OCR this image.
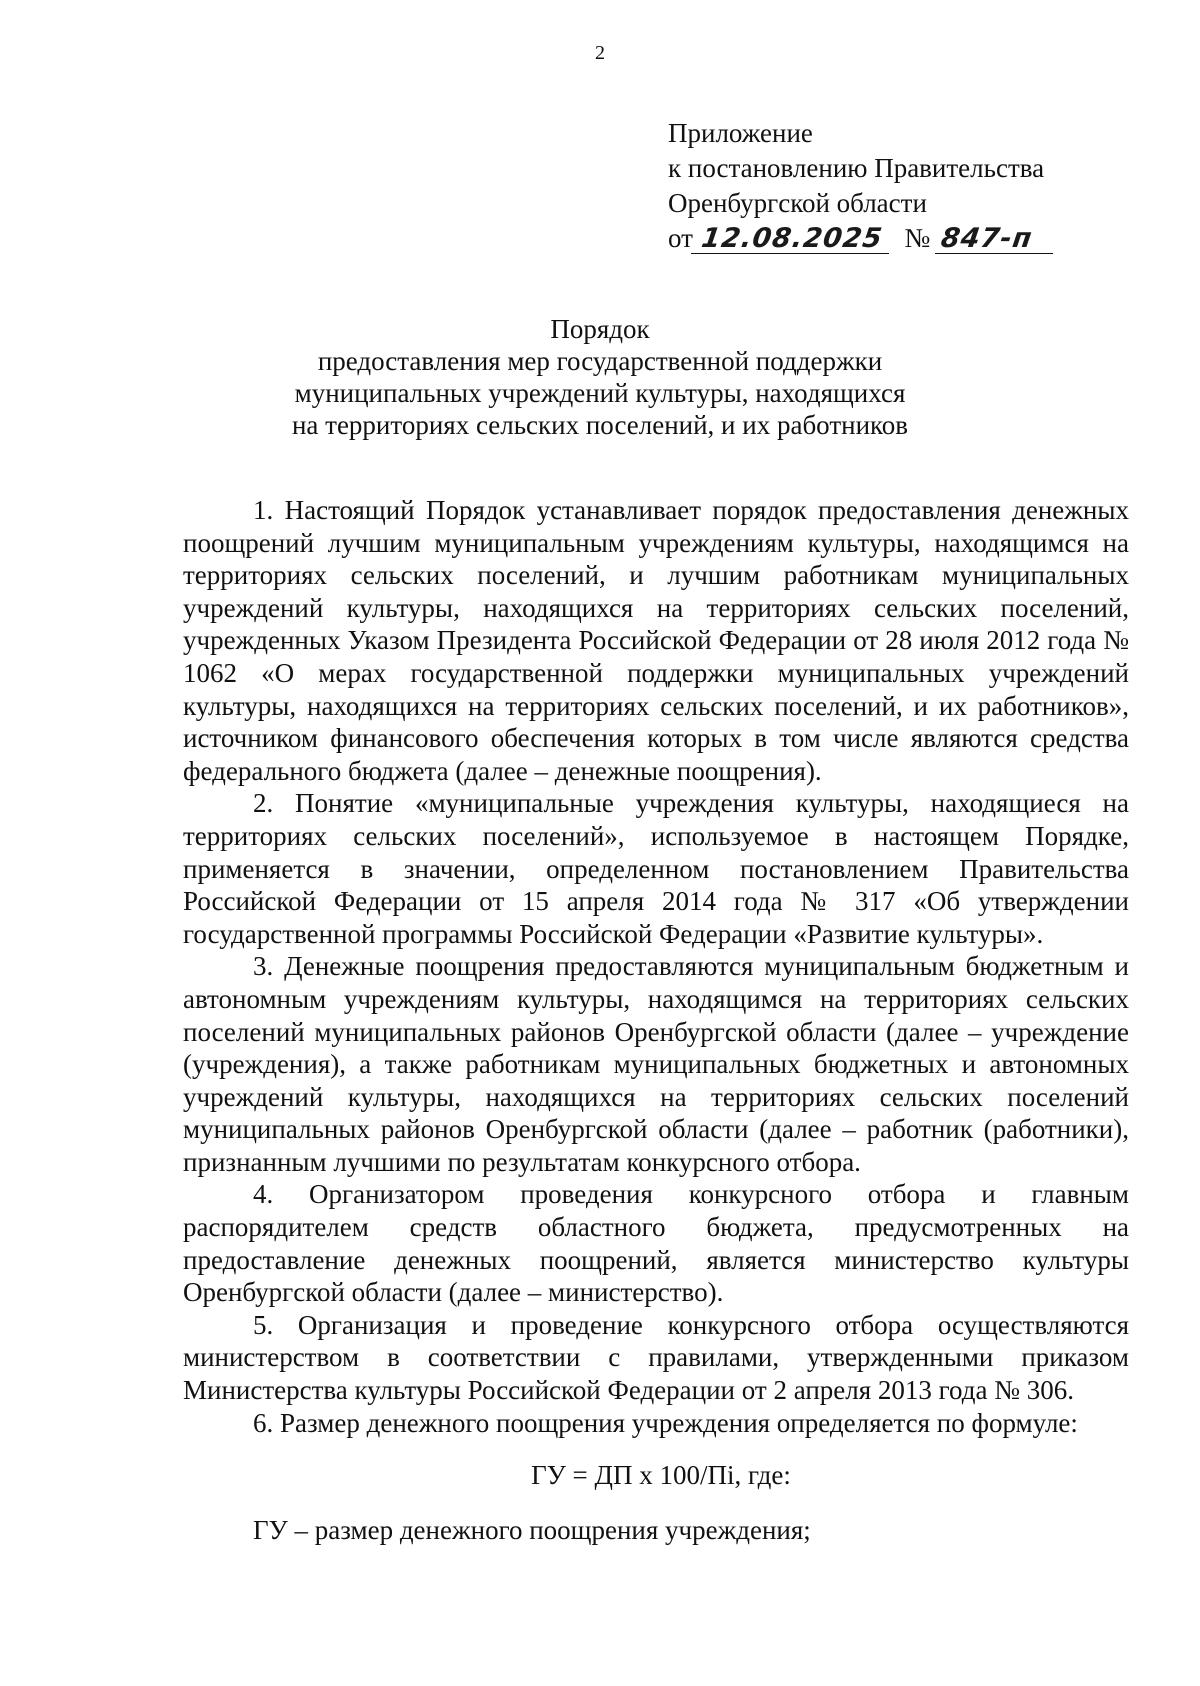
2
Приложение
к постановлению Правительства
Оренбургской области
от 12.08.2025 № 847-п
Порядок
предоставления мер государственной поддержки
муниципальных учреждений культуры, находящихся
на территориях сельских поселений, и их работников

1. Настоящий Порядок устанавливает порядок предоставления денежных поощрений лучшим муниципальным учреждениям культуры, находящимся на территориях сельских поселений, и лучшим работникам муниципальных учреждений культуры, находящихся на территориях сельских поселений, учрежденных Указом Президента Российской Федерации от 28 июля 2012 года № 1062 «О мерах государственной поддержки муниципальных учреждений культуры, находящихся на территориях сельских поселений, и их работников», источником финансового обеспечения которых в том числе являются средства федерального бюджета (далее – денежные поощрения).

2. Понятие «муниципальные учреждения культуры, находящиеся на территориях сельских поселений», используемое в настоящем Порядке, применяется в значении, определенном постановлением Правительства Российской Федерации от 15 апреля 2014 года № 317 «Об утверждении государственной программы Российской Федерации «Развитие культуры».

3. Денежные поощрения предоставляются муниципальным бюджетным и автономным учреждениям культуры, находящимся на территориях сельских поселений муниципальных районов Оренбургской области (далее – учреждение (учреждения), а также работникам муниципальных бюджетных и автономных учреждений культуры, находящихся на территориях сельских поселений муниципальных районов Оренбургской области (далее – работник (работники), признанным лучшими по результатам конкурсного отбора.

4. Организатором проведения конкурсного отбора и главным распорядителем средств областного бюджета, предусмотренных на предоставление денежных поощрений, является министерство культуры Оренбургской области (далее – министерство).

5. Организация и проведение конкурсного отбора осуществляются министерством в соответствии с правилами, утвержденными приказом Министерства культуры Российской Федерации от 2 апреля 2013 года № 306.

6. Размер денежного поощрения учреждения определяется по формуле:

ГУ = ДП х 100/Пi, где:

ГУ – размер денежного поощрения учреждения;
